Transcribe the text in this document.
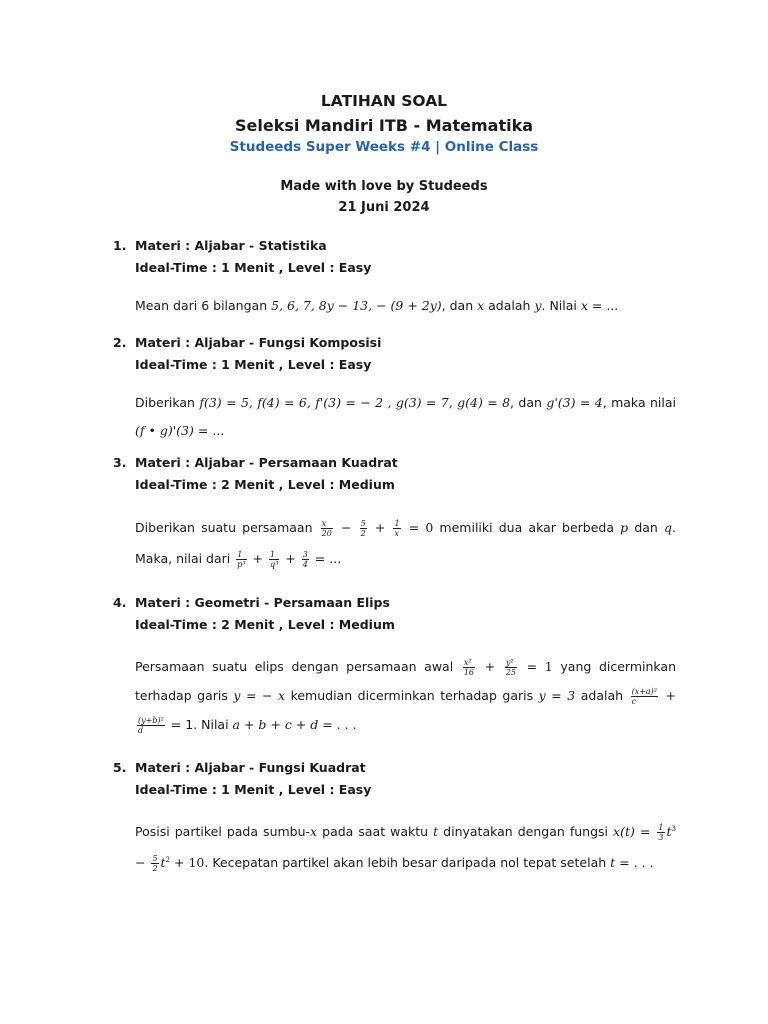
LATIHAN SOAL
Seleksi Mandiri ITB - Matematika
Studeeds Super Weeks #4 | Online Class
Made with love by Studeeds
21 Juni 2024
1. Materi : Aljabar - Statistika
Ideal-Time : 1 Menit , Level : Easy
Mean dari 6 bilangan 5, 6, 7, 8y − 13, − (9 + 2y), dan x adalah y. Nilai x = ...
2. Materi : Aljabar - Fungsi Komposisi
Ideal-Time : 1 Menit , Level : Easy
Diberikan f(3) = 5, f(4) = 6, f'(3) = − 2 , g(3) = 7, g(4) = 8, dan g'(3) = 4, maka nilai (f • g)'(3) = ...
3. Materi : Aljabar - Persamaan Kuadrat
Ideal-Time : 2 Menit , Level : Medium
Diberikan suatu persamaan $\frac{x}{20} - \frac{5}{2} + \frac{1}{x} = 0$ memiliki dua akar berbeda p dan q. Maka, nilai dari $\frac{1}{\text{p³}} + \frac{1}{\text{q³}} + \frac{3}{4}$ = ...
4. Materi : Geometri - Persamaan Elips
Ideal-Time : 2 Menit , Level : Medium
Persamaan suatu elips dengan persamaan awal $\frac{\text{x²}}{16} + \frac{\text{y²}}{25} = 1$ yang dicerminkan terhadap garis y = − x kemudian dicerminkan terhadap garis y = 3 adalah $\frac{\text{(x+a)²}}{c}$ +
$\frac{\text{(y+b)²}}{d} = 1$. Nilai a + b + c + d = . . .
5. Materi : Aljabar - Fungsi Kuadrat
Ideal-Time : 1 Menit , Level : Easy
Posisi partikel pada sumbu-x pada saat waktu t dinyatakan dengan fungsi $x(t) = \frac{1}{3} t^3 - \frac{5}{2} t^2 + 10$. Kecepatan partikel akan lebih besar daripada nol tepat setelah t = . . .
